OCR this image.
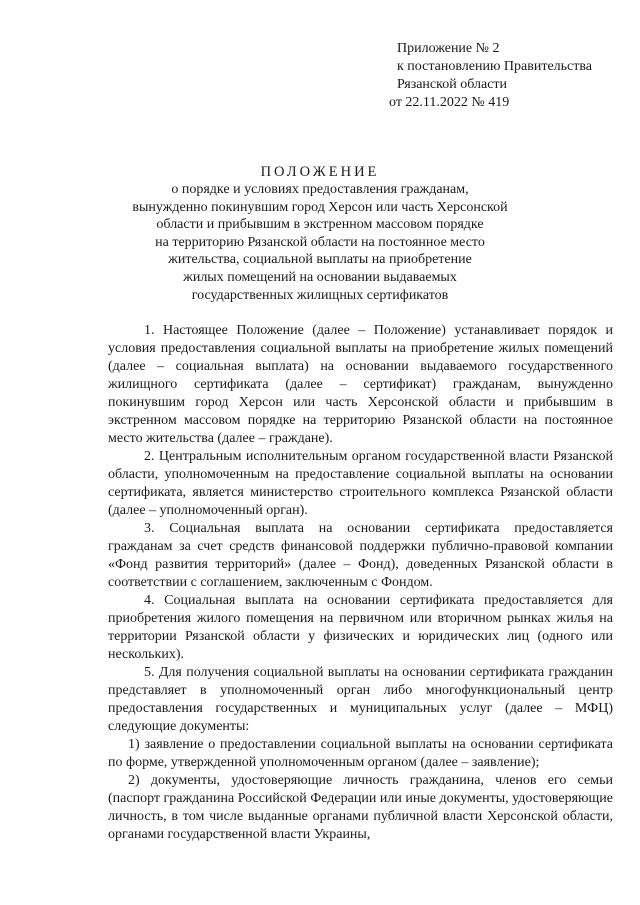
Приложение № 2
к постановлению Правительства
Рязанской области
от 22.11.2022 № 419
ПОЛОЖЕНИЕ
о порядке и условиях предоставления гражданам,
вынужденно покинувшим город Херсон или часть Херсонской
области и прибывшим в экстренном массовом порядке
на территорию Рязанской области на постоянное место
жительства, социальной выплаты на приобретение
жилых помещений на основании выдаваемых
государственных жилищных сертификатов

1. Настоящее Положение (далее – Положение) устанавливает порядок и условия предоставления социальной выплаты на приобретение жилых помещений (далее – социальная выплата) на основании выдаваемого государственного жилищного сертификата (далее – сертификат) гражданам, вынужденно покинувшим город Херсон или часть Херсонской области и прибывшим в экстренном массовом порядке на территорию Рязанской области на постоянное место жительства (далее – граждане).

2. Центральным исполнительным органом государственной власти Рязанской области, уполномоченным на предоставление социальной выплаты на основании сертификата, является министерство строительного комплекса Рязанской области (далее – уполномоченный орган).

3. Социальная выплата на основании сертификата предоставляется гражданам за счет средств финансовой поддержки публично-правовой компании «Фонд развития территорий» (далее – Фонд), доведенных Рязанской области в соответствии с соглашением, заключенным с Фондом.

4. Социальная выплата на основании сертификата предоставляется для приобретения жилого помещения на первичном или вторичном рынках жилья на территории Рязанской области у физических и юридических лиц (одного или нескольких).

5. Для получения социальной выплаты на основании сертификата гражданин представляет в уполномоченный орган либо многофункциональный центр предоставления государственных и муниципальных услуг (далее – МФЦ) следующие документы:

1) заявление о предоставлении социальной выплаты на основании сертификата по форме, утвержденной уполномоченным органом (далее – заявление);

2) документы, удостоверяющие личность гражданина, членов его семьи (паспорт гражданина Российской Федерации или иные документы, удостоверяющие личность, в том числе выданные органами публичной власти Херсонской области, органами государственной власти Украины,
